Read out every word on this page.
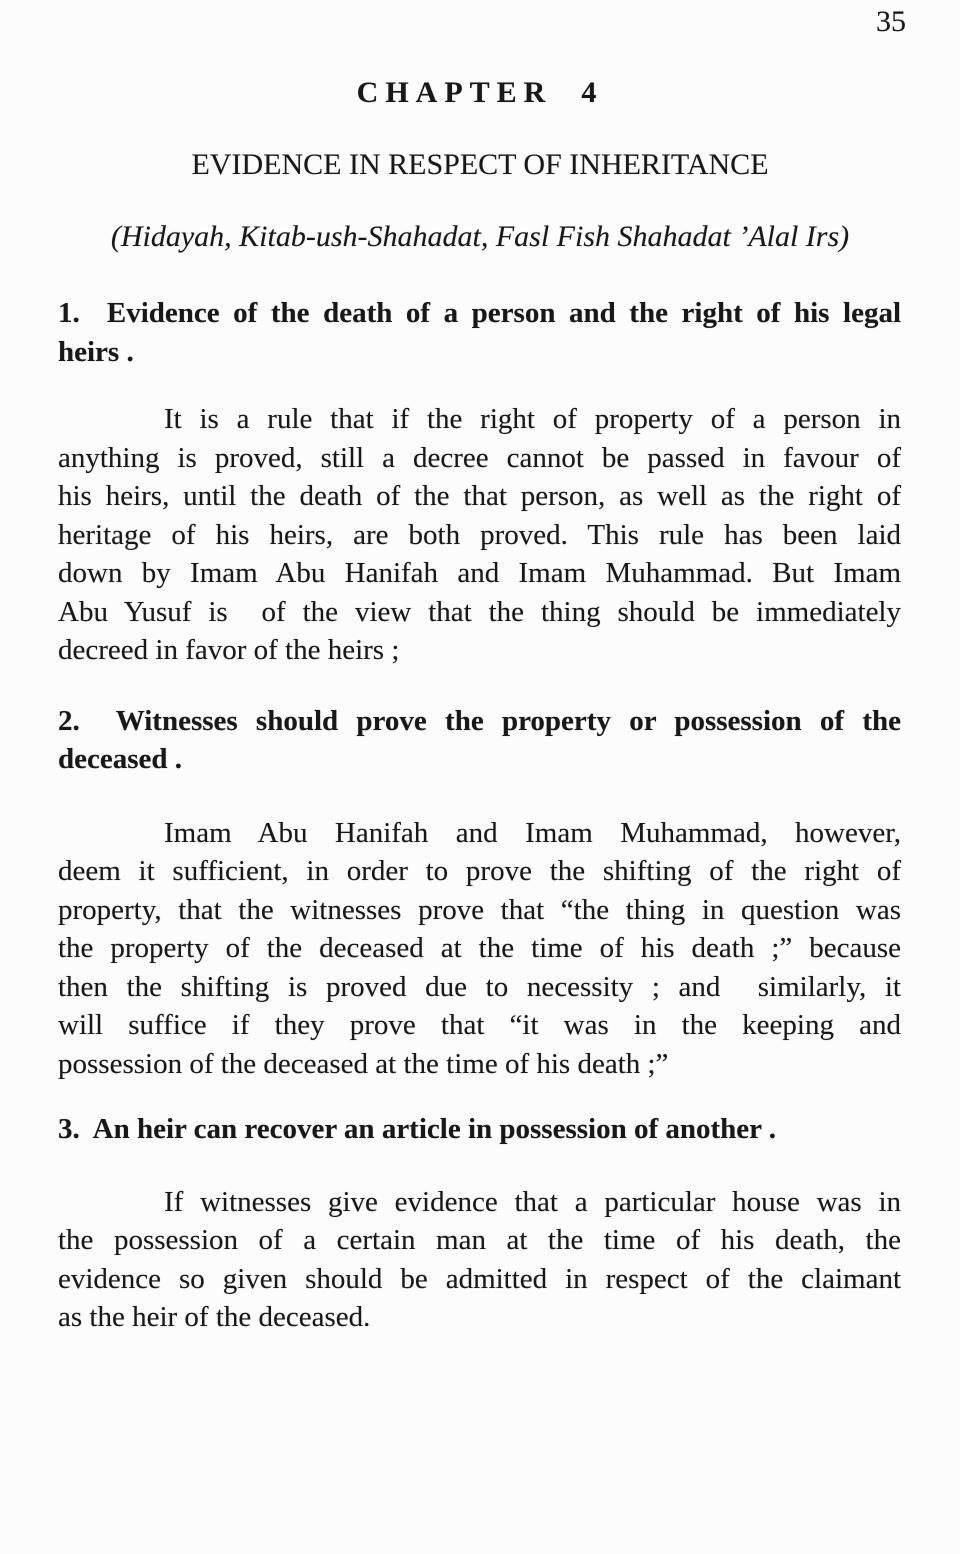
35
CHAPTER  4
EVIDENCE IN RESPECT OF INHERITANCE
(Hidayah, Kitab-ush-Shahadat, Fasl Fish Shahadat ’Alal Irs)
1.  Evidence of the death of a person and the right of his legal
heirs .
It is a rule that if the right of property of a person in
anything is proved, still a decree cannot be passed in favour of
his heirs, until the death of the that person, as well as the right of
heritage of his heirs, are both proved. This rule has been laid
down by Imam Abu Hanifah and Imam Muhammad. But Imam
Abu Yusuf is  of the view that the thing should be immediately
decreed in favor of the heirs ;
2.  Witnesses should prove the property or possession of the
deceased .
Imam Abu Hanifah and Imam Muhammad, however,
deem it sufficient, in order to prove the shifting of the right of
property, that the witnesses prove that “the thing in question was
the property of the deceased at the time of his death ;” because
then the shifting is proved due to necessity ; and  similarly, it
will suffice if they prove that “it was in the keeping and
possession of the deceased at the time of his death ;”
3.  An heir can recover an article in possession of another .
If witnesses give evidence that a particular house was in
the possession of a certain man at the time of his death, the
evidence so given should be admitted in respect of the claimant
as the heir of the deceased.
